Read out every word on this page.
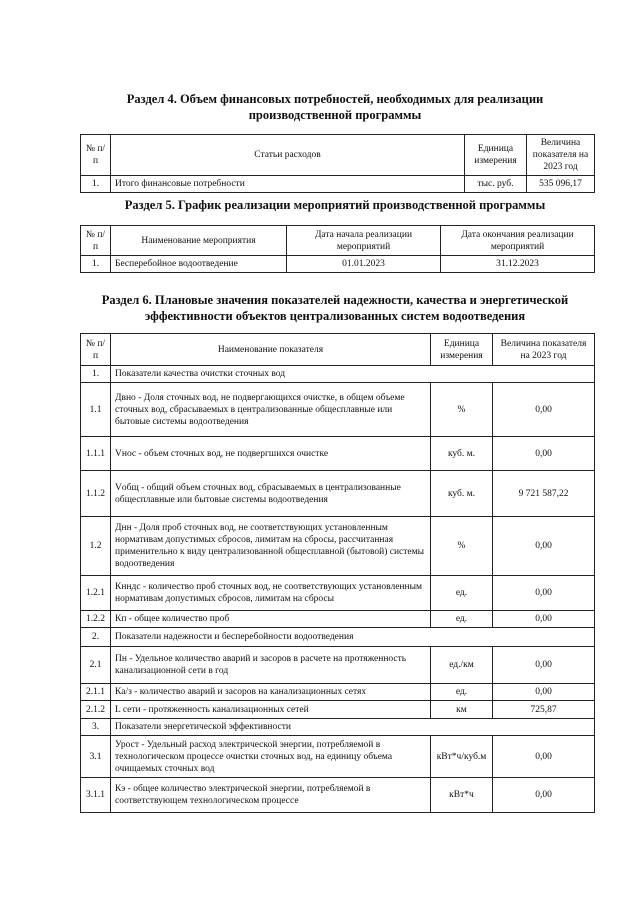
Раздел 4. Объем финансовых потребностей, необходимых для реализации производственной программы
№ п/п	Статьи расходов	Единица измерения	Величина показателя на 2023 год
1.	Итого финансовые потребности	тыс. руб.	535 096,17
Раздел 5. График реализации мероприятий производственной программы
№ п/п	Наименование мероприятия	Дата начала реализации мероприятий	Дата окончания реализации мероприятий
1.	Бесперебойное водоотведение	01.01.2023	31.12.2023
Раздел 6. Плановые значения показателей надежности, качества и энергетической эффективности объектов централизованных систем водоотведения
№ п/п	Наименование показателя	Единица измерения	Величина показателя на 2023 год
1.	Показатели качества очистки сточных вод		
1.1	Двно - Доля сточных вод, не подвергающихся очистке, в общем объеме сточных вод, сбрасываемых в централизованные общесплавные или бытовые системы водоотведения	%	0,00
1.1.1	Vнос - объем сточных вод, не подвергшихся очистке	куб. м.	0,00
1.1.2	Vобщ - общий объем сточных вод, сбрасываемых в централизованные общесплавные или бытовые системы водоотведения	куб. м.	9 721 587,22
1.2	Днн - Доля проб сточных вод, не соответствующих установленным нормативам допустимых сбросов, лимитам на сбросы, рассчитанная применительно к виду централизованной общесплавной (бытовой) системы водоотведения	%	0,00
1.2.1	Кнндс - количество проб сточных вод, не соответствующих установленным нормативам допустимых сбросов, лимитам на сбросы	ед.	0,00
1.2.2	Кп - общее количество проб	ед.	0,00
2.	Показатели надежности и бесперебойности водоотведения		
2.1	Пн - Удельное количество аварий и засоров в расчете на протяженность канализационной сети в год	ед./км	0,00
2.1.1	Ка/з - количество аварий и засоров на канализационных сетях	ед.	0,00
2.1.2	L сети - протяженность канализационных сетей	км	725,87
3.	Показатели энергетической эффективности		
3.1	Урост - Удельный расход электрической энергии, потребляемой в технологическом процессе очистки сточных вод, на единицу объема очищаемых сточных вод	кВт*ч/куб.м	0,00
3.1.1	Кэ - общее количество электрической энергии, потребляемой в соответствующем технологическом процессе	кВт*ч	0,00
